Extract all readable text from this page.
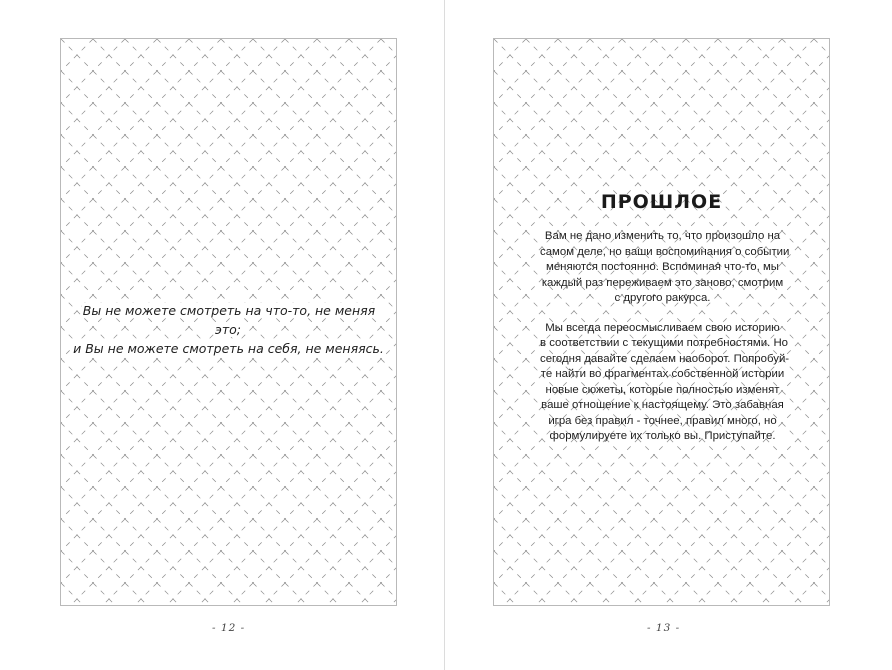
Вы не можете смотреть на что-то, не меняя это;
и Вы не можете смотреть на себя, не меняясь.
- 12 -
ПРОШЛОЕ

Вам не дано изменить то, что произошло на
самом деле, но ваши воспоминания о событии
меняются постоянно. Вспоминая что-то, мы
каждый раз переживаем это заново, смотрим
с другого ракурса.

Мы всегда переосмысливаем свою историю
в соответствии с текущими потребностями. Но
сегодня давайте сделаем наоборот. Попробуй-
те найти во фрагментах собственной истории
новые сюжеты, которые полностью изменят
ваше отношение к настоящему. Это забавная
игра без правил - точнее, правил много, но
формулируете их только вы. Приступайте.

- 13 -
